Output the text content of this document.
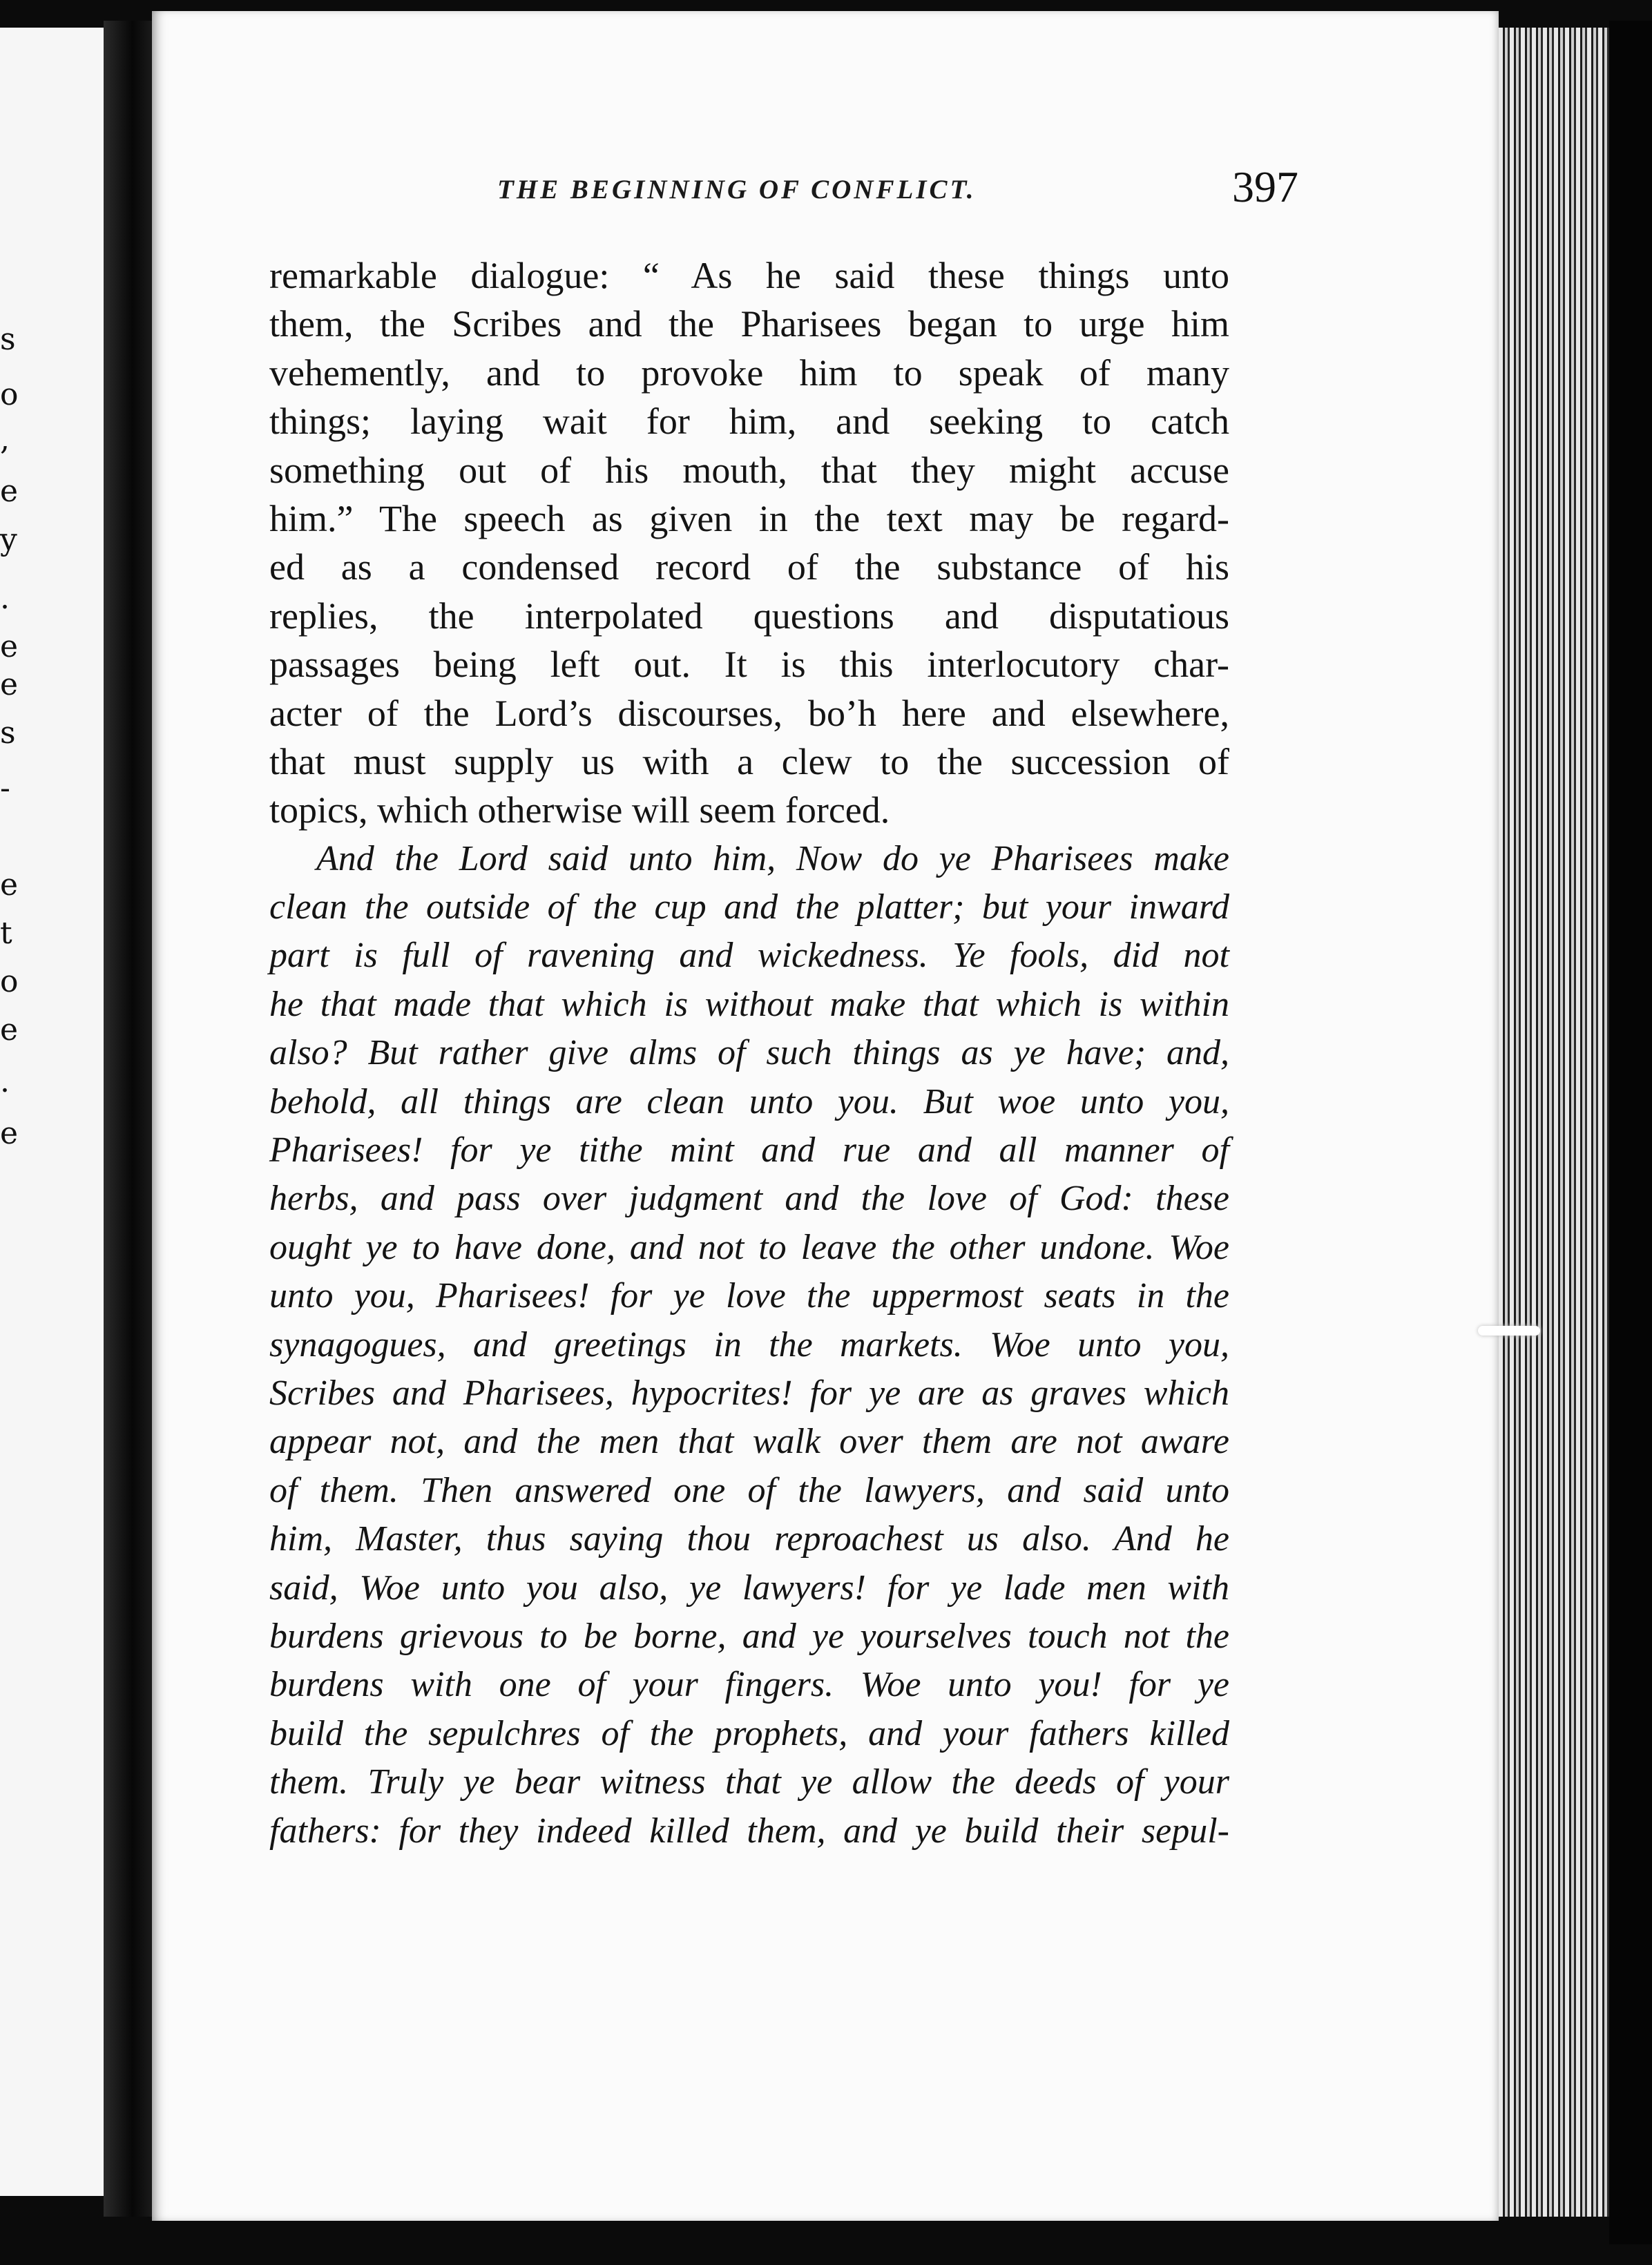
s
o
,
e
y
.
e
e
s
-
e
t
o
e
.
e
THE BEGINNING OF CONFLICT.	397
remarkable dialogue: “ As he said these things unto
them, the Scribes and the Pharisees began to urge him
vehemently, and to provoke him to speak of many
things; laying wait for him, and seeking to catch
something out of his mouth, that they might accuse
him.” The speech as given in the text may be regard-
ed as a condensed record of the substance of his
replies, the interpolated questions and disputatious
passages being left out. It is this interlocutory char-
acter of the Lord’s discourses, bo’h here and elsewhere,
that must supply us with a clew to the succession of
topics, which otherwise will seem forced.
And the Lord said unto him, Now do ye Pharisees make
clean the outside of the cup and the platter; but your inward
part is full of ravening and wickedness. Ye fools, did not
he that made that which is without make that which is within
also? But rather give alms of such things as ye have; and,
behold, all things are clean unto you. But woe unto you,
Pharisees! for ye tithe mint and rue and all manner of
herbs, and pass over judgment and the love of God: these
ought ye to have done, and not to leave the other undone. Woe
unto you, Pharisees! for ye love the uppermost seats in the
synagogues, and greetings in the markets. Woe unto you,
Scribes and Pharisees, hypocrites! for ye are as graves which
appear not, and the men that walk over them are not aware
of them. Then answered one of the lawyers, and said unto
him, Master, thus saying thou reproachest us also. And he
said, Woe unto you also, ye lawyers! for ye lade men with
burdens grievous to be borne, and ye yourselves touch not the
burdens with one of your fingers. Woe unto you! for ye
build the sepulchres of the prophets, and your fathers killed
them. Truly ye bear witness that ye allow the deeds of your
fathers: for they indeed killed them, and ye build their sepul-
